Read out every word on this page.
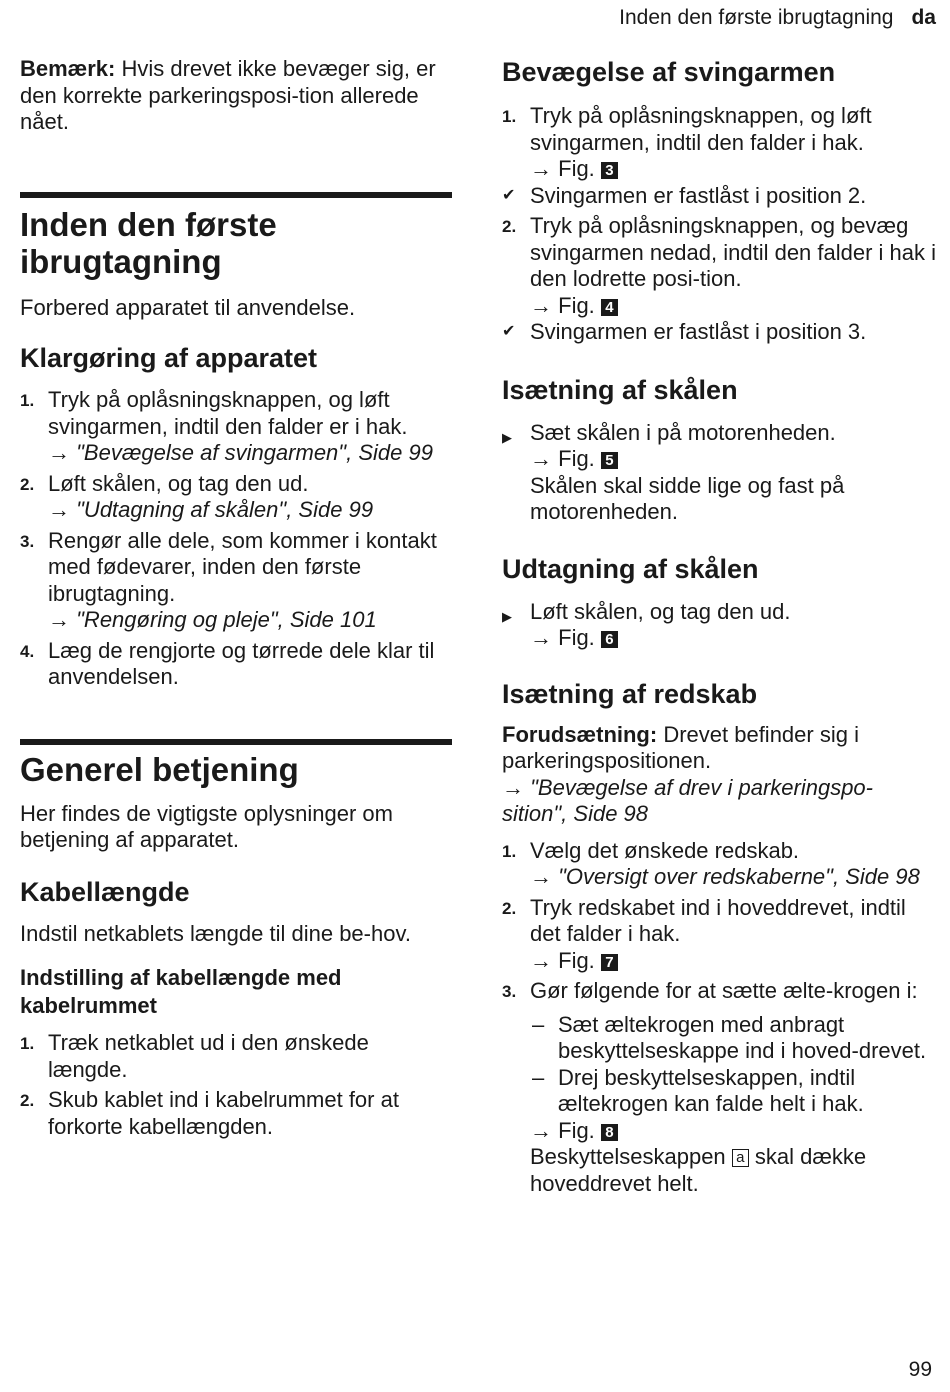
Inden den første ibrugtagning da

Bemærk: Hvis drevet ikke bevæger sig, er den korrekte parkeringsposi-tion allerede nået.

Inden den første ibrugtagning

Forbered apparatet til anvendelse.

Klargøring af apparatet
1. Tryk på oplåsningsknappen, og løft svingarmen, indtil den falder er i hak.
→ "Bevægelse af svingarmen", Side 99
2. Løft skålen, og tag den ud.
→ "Udtagning af skålen", Side 99
3. Rengør alle dele, som kommer i kontakt med fødevarer, inden den første ibrugtagning.
→ "Rengøring og pleje", Side 101
4. Læg de rengjorte og tørrede dele klar til anvendelsen.
Generel betjening

Her findes de vigtigste oplysninger om betjening af apparatet.

Kabellængde

Indstil netkablets længde til dine be-hov.

Indstilling af kabellængde med kabelrummet
1. Træk netkablet ud i den ønskede længde.
2. Skub kablet ind i kabelrummet for at forkorte kabellængden.
Bevægelse af svingarmen
1. Tryk på oplåsningsknappen, og løft svingarmen, indtil den falder i hak.
→ Fig. 3
✔ Svingarmen er fastlåst i position 2.
2. Tryk på oplåsningsknappen, og bevæg svingarmen nedad, indtil den falder i hak i den lodrette posi-tion.
→ Fig. 4
✔ Svingarmen er fastlåst i position 3.
Isætning af skålen
▶ Sæt skålen i på motorenheden.
→ Fig. 5
Skålen skal sidde lige og fast på motorenheden.
Udtagning af skålen
▶ Løft skålen, og tag den ud.
→ Fig. 6
Isætning af redskab

Forudsætning: Drevet befinder sig i parkeringspositionen.

→ "Bevægelse af drev i parkeringspo-sition", Side 98

1. Vælg det ønskede redskab.
→ "Oversigt over redskaberne", Side 98
2. Tryk redskabet ind i hoveddrevet, indtil det falder i hak.
→ Fig. 7
3. Gør følgende for at sætte ælte-krogen i:
– Sæt æltekrogen med anbragt beskyttelseskappe ind i hoved-drevet.
– Drej beskyttelseskappen, indtil æltekrogen kan falde helt i hak.
→ Fig. 8
Beskyttelseskappen a skal dække hoveddrevet helt.
99
